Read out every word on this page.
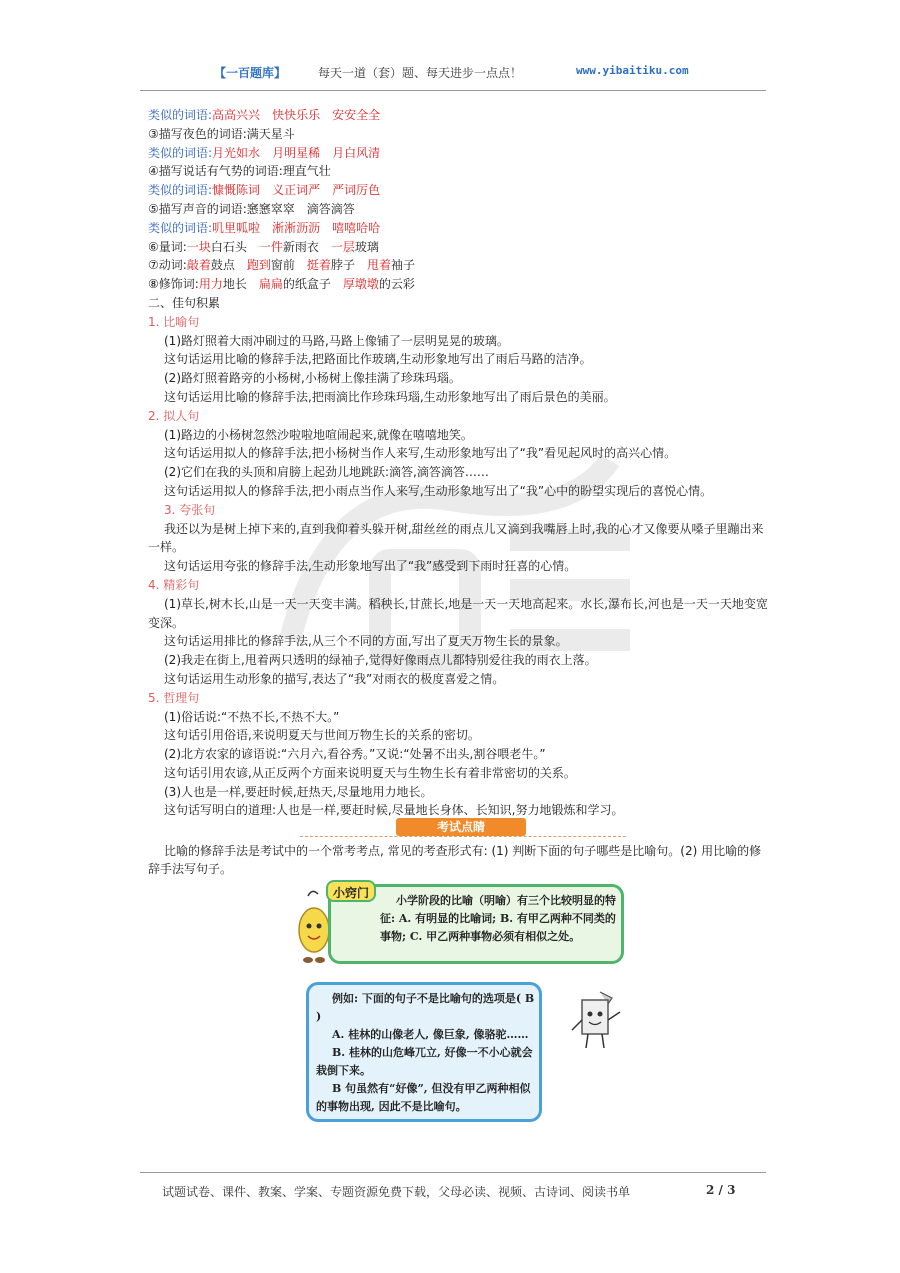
【一百题库】	每天一道（套）题、每天进步一点点！	www.yibaitiku.com
类似的词语:高高兴兴　 快快乐乐　 安安全全
③描写夜色的词语:满天星斗
类似的词语:月光如水　 月明星稀　 月白风清
④描写说话有气势的词语:理直气壮
类似的词语:慷慨陈词　 义正词严　 严词厉色
⑤描写声音的词语:窸窸窣窣　滴答滴答
类似的词语:叽里呱啦　 淅淅沥沥　 嘻嘻哈哈
⑥量词:一块白石头　 一件新雨衣　 一层玻璃
⑦动词:敲着鼓点　 跑到窗前　 挺着脖子　 甩着袖子
⑧修饰词:用力地长　 扁扁的纸盒子　 厚墩墩的云彩
二、佳句积累
1. 比喻句
(1)路灯照着大雨冲刷过的马路,马路上像铺了一层明晃晃的玻璃。
这句话运用比喻的修辞手法,把路面比作玻璃,生动形象地写出了雨后马路的洁净。
(2)路灯照着路旁的小杨树,小杨树上像挂满了珍珠玛瑙。
这句话运用比喻的修辞手法,把雨滴比作珍珠玛瑙,生动形象地写出了雨后景色的美丽。
2. 拟人句
(1)路边的小杨树忽然沙啦啦地喧闹起来,就像在嘻嘻地笑。
这句话运用拟人的修辞手法,把小杨树当作人来写,生动形象地写出了“我”看见起风时的高兴心情。
(2)它们在我的头顶和肩膀上起劲儿地跳跃:滴答,滴答滴答……
这句话运用拟人的修辞手法,把小雨点当作人来写,生动形象地写出了“我”心中的盼望实现后的喜悦心情。
3. 夸张句
我还以为是树上掉下来的,直到我仰着头躲开树,甜丝丝的雨点儿又滴到我嘴唇上时,我的心才又像要从嗓子里蹦出来一样。
这句话运用夸张的修辞手法,生动形象地写出了“我”感受到下雨时狂喜的心情。
4. 精彩句
(1)草长,树木长,山是一天一天变丰满。稻秧长,甘蔗长,地是一天一天地高起来。水长,瀑布长,河也是一天一天地变宽变深。
这句话运用排比的修辞手法,从三个不同的方面,写出了夏天万物生长的景象。
(2)我走在街上,甩着两只透明的绿袖子,觉得好像雨点儿都特别爱往我的雨衣上落。
这句话运用生动形象的描写,表达了“我”对雨衣的极度喜爱之情。
5. 哲理句
(1)俗话说:“不热不长,不热不大。”
这句话引用俗语,来说明夏天与世间万物生长的关系的密切。
(2)北方农家的谚语说:“六月六,看谷秀。”又说:“处暑不出头,割谷喂老牛。”
这句话引用农谚,从正反两个方面来说明夏天与生物生长有着非常密切的关系。
(3)人也是一样,要赶时候,赶热天,尽量地用力地长。
这句话写明白的道理:人也是一样,要赶时候,尽量地长身体、长知识,努力地锻炼和学习。
考试点睛
比喻的修辞手法是考试中的一个常考考点, 常见的考查形式有: (1) 判断下面的句子哪些是比喻句。(2) 用比喻的修辞手法写句子。
小窍门
小学阶段的比喻（明喻）有三个比较明显的特征: A. 有明显的比喻词; B. 有甲乙两种不同类的事物; C. 甲乙两种事物必须有相似之处。
例如: 下面的句子不是比喻句的选项是( B )
A. 桂林的山像老人, 像巨象, 像骆驼……
B. 桂林的山危峰兀立, 好像一不小心就会栽倒下来。
B 句虽然有“好像”, 但没有甲乙两种相似的事物出现, 因此不是比喻句。
试题试卷、课件、教案、学案、专题资源免费下载，父母必读、视频、古诗词、阅读书单	2 / 3
